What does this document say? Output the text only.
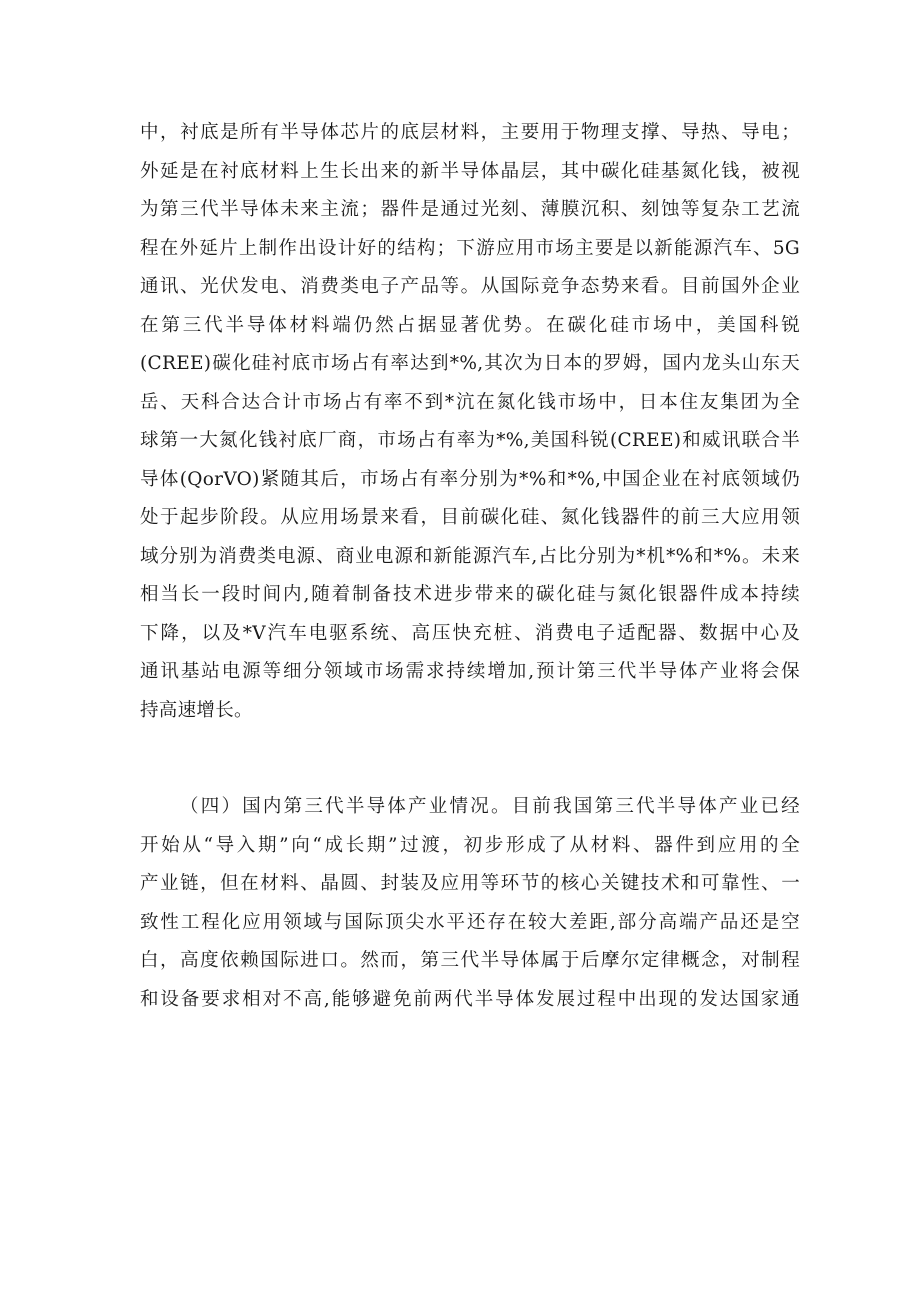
中，衬底是所有半导体芯片的底层材料，主要用于物理支撑、导热、导电；
外延是在衬底材料上生长出来的新半导体晶层，其中碳化硅基氮化钱，被视
为第三代半导体未来主流；器件是通过光刻、薄膜沉积、刻蚀等复杂工艺流
程在外延片上制作出设计好的结构；下游应用市场主要是以新能源汽车、5G
通讯、光伏发电、消费类电子产品等。从国际竞争态势来看。目前国外企业
在第三代半导体材料端仍然占据显著优势。在碳化硅市场中，美国科锐
(CREE)碳化硅衬底市场占有率达到*%,其次为日本的罗姆，国内龙头山东天
岳、天科合达合计市场占有率不到*沆在氮化钱市场中，日本住友集团为全
球第一大氮化钱衬底厂商，市场占有率为*%,美国科锐(CREE)和威讯联合半
导体(QorVO)紧随其后，市场占有率分别为*%和*%,中国企业在衬底领域仍
处于起步阶段。从应用场景来看，目前碳化硅、氮化钱器件的前三大应用领
域分别为消费类电源、商业电源和新能源汽车,占比分别为*机*%和*%。未来
相当长一段时间内,随着制备技术进步带来的碳化硅与氮化银器件成本持续
下降，以及*V汽车电驱系统、高压快充桩、消费电子适配器、数据中心及
通讯基站电源等细分领域市场需求持续增加,预计第三代半导体产业将会保
持高速增长。
（四）国内第三代半导体产业情况。目前我国第三代半导体产业已经
开始从“导入期”向“成长期”过渡，初步形成了从材料、器件到应用的全
产业链，但在材料、晶圆、封装及应用等环节的核心关键技术和可靠性、一
致性工程化应用领域与国际顶尖水平还存在较大差距,部分高端产品还是空
白，高度依赖国际进口。然而，第三代半导体属于后摩尔定律概念，对制程
和设备要求相对不高,能够避免前两代半导体发展过程中出现的发达国家通
